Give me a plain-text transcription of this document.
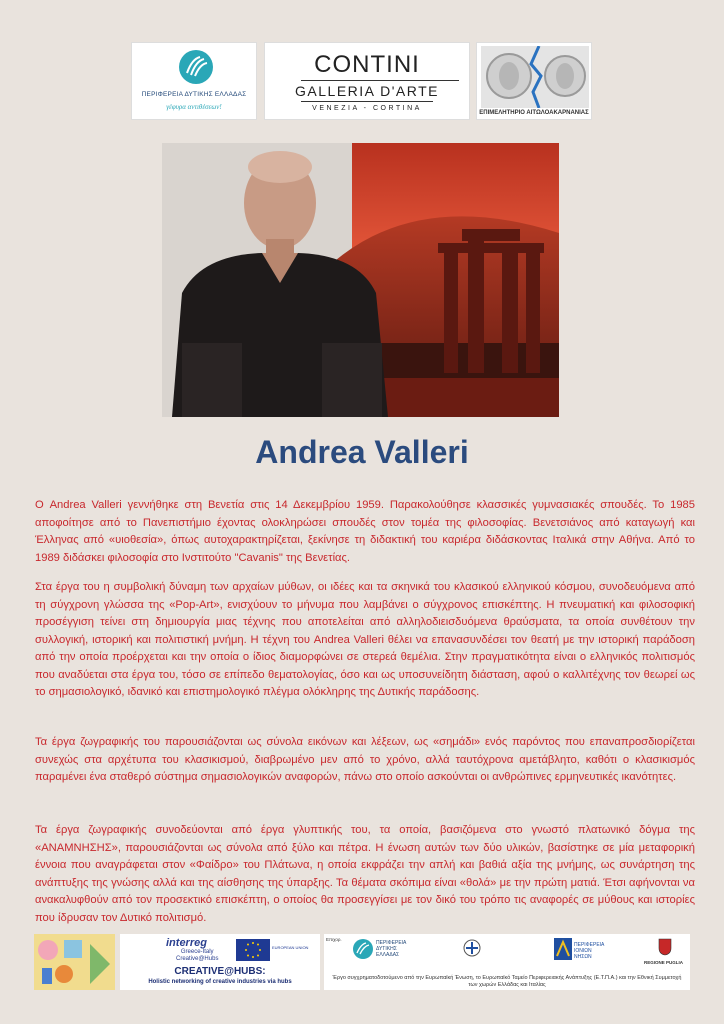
ΠΕΡΙΦΕΡΕΙΑ ΔΥΤΙΚΗΣ ΕΛΛΑΔΑΣ
γέφυρα αντιθέσεων!
CONTINI
GALLERIA D'ARTE
VENEZIA - CORTINA
ΕΠΙΜΕΛΗΤΗΡΙΟ ΑΙΤΩΛΟΑΚΑΡΝΑΝΙΑΣ
Andrea Valleri

Ο Andrea Valleri γεννήθηκε στη Βενετία στις 14 Δεκεμβρίου 1959. Παρακολούθησε κλασσικές γυμνασιακές σπουδές. Το 1985 αποφοίτησε από το Πανεπιστήμιο έχοντας ολοκληρώσει σπουδές στον τομέα της φιλοσοφίας. Βενετσιάνος από καταγωγή και Έλληνας από «υιοθεσία», όπως αυτοχαρακτηρίζεται, ξεκίνησε τη διδακτική του καριέρα διδάσκοντας Ιταλικά στην Αθήνα. Από το 1989 διδάσκει φιλοσοφία στο Ινστιτούτο "Cavanis" της Βενετίας.

Στα έργα του η συμβολική δύναμη των αρχαίων μύθων, οι ιδέες και τα σκηνικά του κλασικού ελληνικού κόσμου, συνοδευόμενα από τη σύγχρονη γλώσσα της «Pop-Art», ενισχύουν το μήνυμα που λαμβάνει ο σύγχρονος επισκέπτης. Η πνευματική και φιλοσοφική προσέγγιση τείνει στη δημιουργία μιας τέχνης που αποτελείται από αλληλοδιεισδυόμενα θραύσματα, τα οποία συνθέτουν την συλλογική, ιστορική και πολιτιστική μνήμη. Η τέχνη του Andrea Valleri θέλει να επανασυνδέσει τον θεατή με την ιστορική παράδοση από την οποία προέρχεται και την οποία ο ίδιος διαμορφώνει σε στερεά θεμέλια. Στην πραγματικότητα είναι ο ελληνικός πολιτισμός που αναδύεται στα έργα του, τόσο σε επίπεδο θεματολογίας, όσο και ως υποσυνείδητη διάσταση, αφού ο καλλιτέχνης τον θεωρεί ως το σημασιολογικό, ιδανικό και επιστημολογικό πλέγμα ολόκληρης της Δυτικής παράδοσης.

Τα έργα ζωγραφικής του παρουσιάζονται ως σύνολα εικόνων και λέξεων, ως «σημάδι» ενός παρόντος που επαναπροσδιορίζεται συνεχώς στα αρχέτυπα του κλασικισμού, διαβρωμένο μεν από το χρόνο, αλλά ταυτόχρονα αμετάβλητο, καθότι ο κλασικισμός παραμένει ένα σταθερό σύστημα σημασιολογικών αναφορών, πάνω στο οποίο ασκούνται οι ανθρώπινες ερμηνευτικές ικανότητες.

Τα έργα ζωγραφικής συνοδεύονται από έργα γλυπτικής του, τα οποία, βασιζόμενα στο γνωστό πλατωνικό δόγμα της «ΑΝΑΜΝΗΣΗΣ», παρουσιάζονται ως σύνολα από ξύλο και πέτρα. Η ένωση αυτών των δύο υλικών, βασίστηκε σε μία μεταφορική έννοια που αναγράφεται στον «Φαίδρο» του Πλάτωνα, η οποία εκφράζει την απλή και βαθιά αξία της μνήμης, ως συνάρτηση της ανάπτυξης της γνώσης αλλά και της αίσθησης της ύπαρξης. Τα θέματα σκόπιμα είναι «θολά» με την πρώτη ματιά. Έτσι αφήνονται να ανακαλυφθούν από τον προσεκτικό επισκέπτη, ο οποίος θα προσεγγίσει με τον δικό του τρόπο τις αναφορές σε μύθους και ιστορίες που ίδρυσαν τον Δυτικό πολιτισμό.

interreg
Greece-Italy
Creative@Hubs
EUROPEAN UNION
CREATIVE@HUBS:
Holistic networking of creative industries via hubs
Επιχορ.
ΠΕΡΙΦΕΡΕΙΑ ΔΥΤΙΚΗΣ ΕΛΛΑΔΑΣ
ΠΕΡΙΦΕΡΕΙΑ ΙΟΝΙΩΝ ΝΗΣΩΝ
REGIONE PUGLIA
Έργο συγχρηματοδοτούμενο από την Ευρωπαϊκή Ένωση, το Ευρωπαϊκό Ταμείο Περιφερειακής Ανάπτυξης (Ε.Τ.Π.Α.) και την Εθνική Συμμετοχή των χωρών Ελλάδας και Ιταλίας
